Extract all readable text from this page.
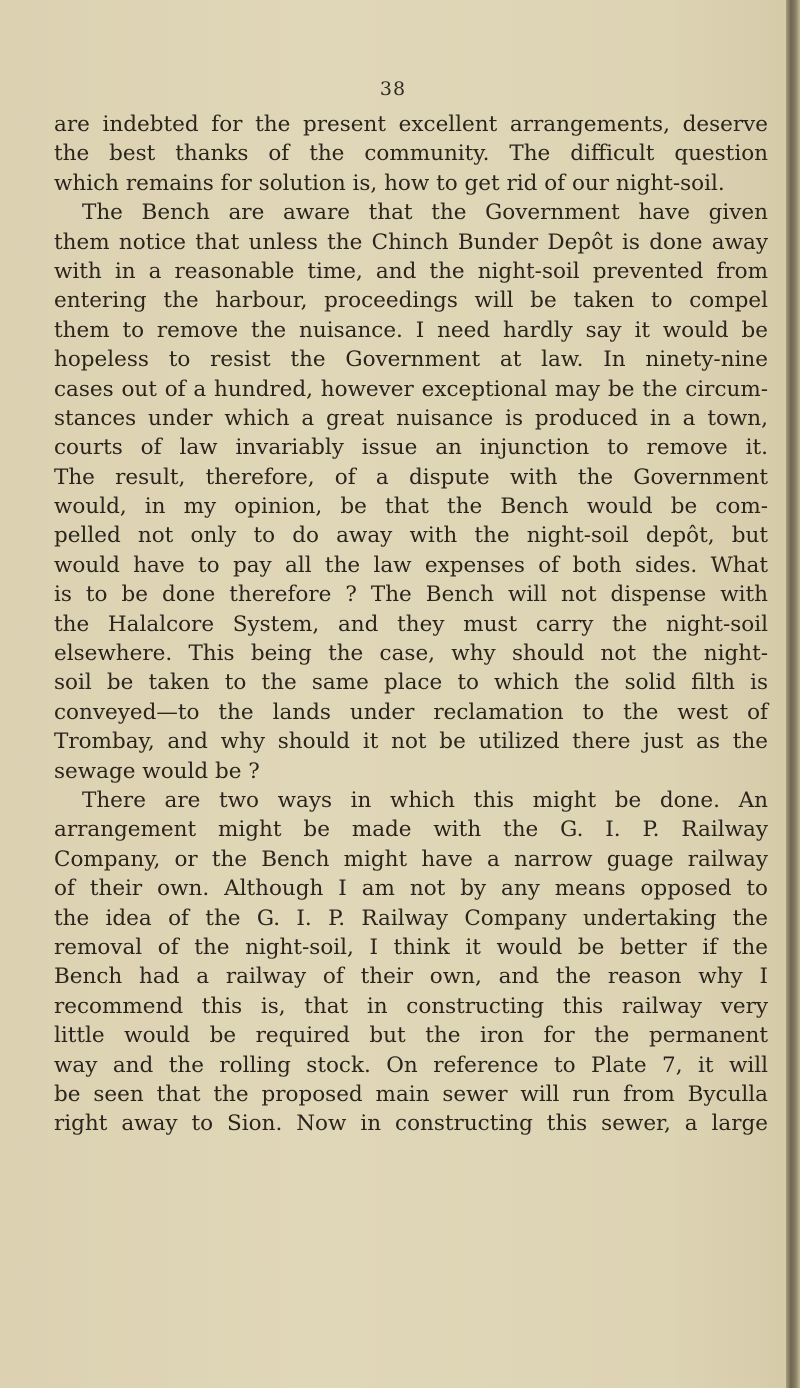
38
are indebted for the present excellent arrangements, deserve
the best thanks of the community. The difficult question
which remains for solution is, how to get rid of our night-soil.
The Bench are aware that the Government have given
them notice that unless the Chinch Bunder Depôt is done away
with in a reasonable time, and the night-soil prevented from
entering the harbour, proceedings will be taken to compel
them to remove the nuisance. I need hardly say it would be
hopeless to resist the Government at law. In ninety-nine
cases out of a hundred, however exceptional may be the circum-
stances under which a great nuisance is produced in a town,
courts of law invariably issue an injunction to remove it.
The result, therefore, of a dispute with the Government
would, in my opinion, be that the Bench would be com-
pelled not only to do away with the night-soil depôt, but
would have to pay all the law expenses of both sides. What
is to be done therefore ? The Bench will not dispense with
the Halalcore System, and they must carry the night-soil
elsewhere. This being the case, why should not the night-
soil be taken to the same place to which the solid filth is
conveyed—to the lands under reclamation to the west of
Trombay, and why should it not be utilized there just as the
sewage would be ?
There are two ways in which this might be done. An
arrangement might be made with the G. I. P. Railway
Company, or the Bench might have a narrow guage railway
of their own. Although I am not by any means opposed to
the idea of the G. I. P. Railway Company undertaking the
removal of the night-soil, I think it would be better if the
Bench had a railway of their own, and the reason why I
recommend this is, that in constructing this railway very
little would be required but the iron for the permanent
way and the rolling stock. On reference to Plate 7, it will
be seen that the proposed main sewer will run from Byculla
right away to Sion. Now in constructing this sewer, a large
